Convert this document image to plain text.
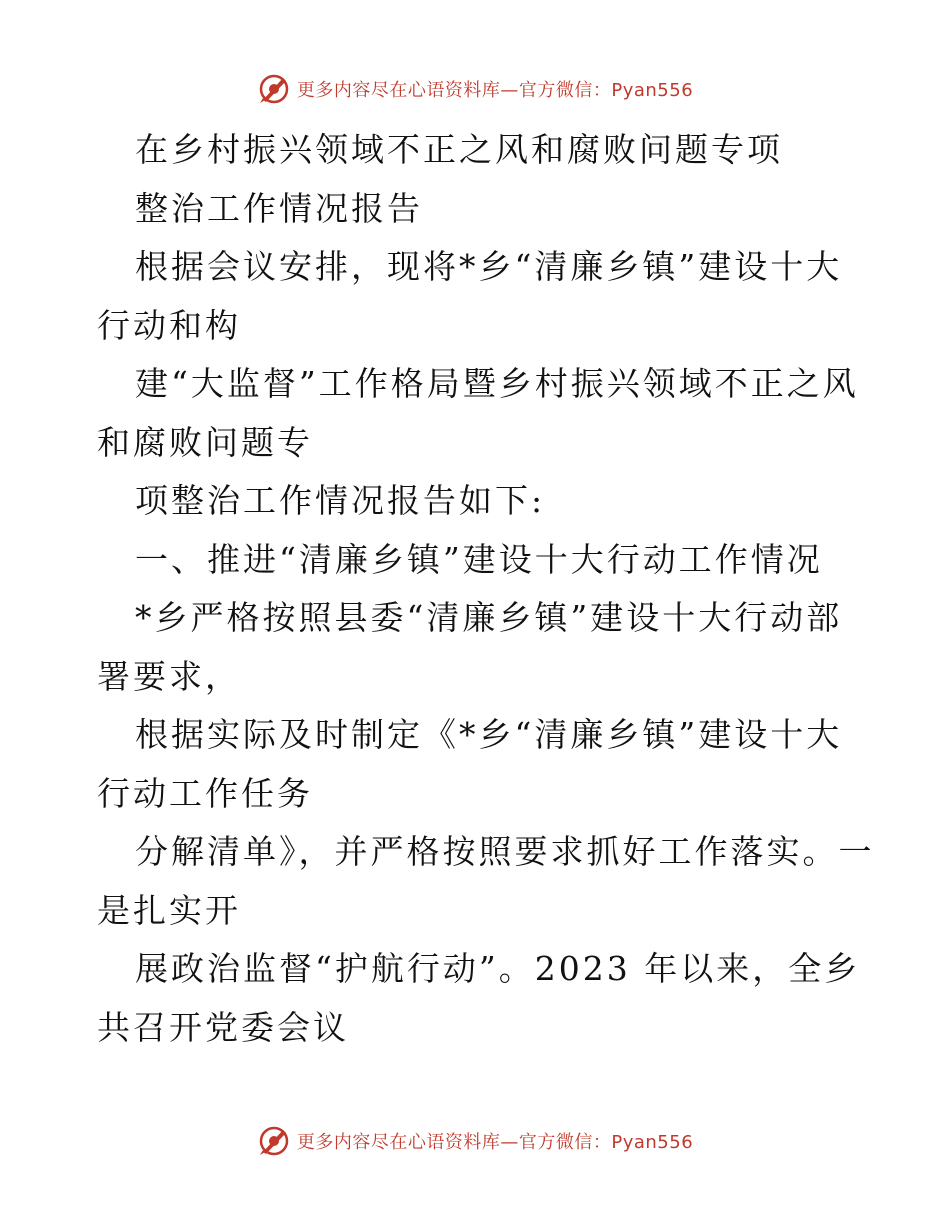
更多内容尽在心语资料库—官方微信：Pyan556
在乡村振兴领域不正之风和腐败问题专项
整治工作情况报告
根据会议安排，现将*乡“清廉乡镇”建设十大
行动和构
建“大监督”工作格局暨乡村振兴领域不正之风
和腐败问题专
项整治工作情况报告如下:
一、推进“清廉乡镇”建设十大行动工作情况
*乡严格按照县委“清廉乡镇”建设十大行动部
署要求，
根据实际及时制定《*乡“清廉乡镇”建设十大
行动工作任务
分解清单》，并严格按照要求抓好工作落实。一
是扎实开
展政治监督“护航行动”。2023 年以来，全乡
共召开党委会议
更多内容尽在心语资料库—官方微信：Pyan556
